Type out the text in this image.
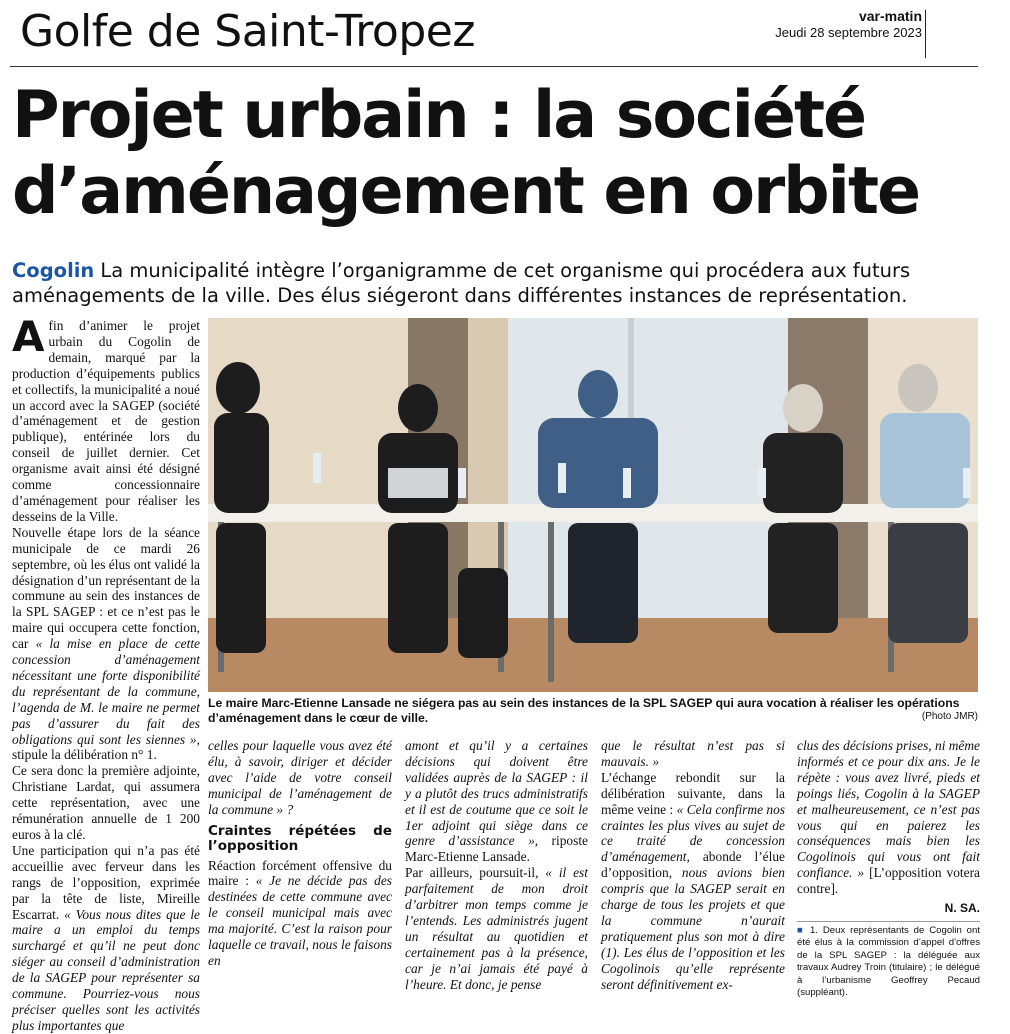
Golfe de Saint-Tropez	var-matin
Jeudi 28 septembre 2023
Projet urbain : la société d’aménagement en orbite
Cogolin La municipalité intègre l’organigramme de cet organisme qui procédera aux futurs aménagements de la ville. Des élus siégeront dans différentes instances de représentation.

Afin d’animer le projet urbain du Cogolin de demain, marqué par la production d’équipements publics et collectifs, la municipalité a noué un accord avec la SAGEP (société d’aménagement et de gestion publique), entérinée lors du conseil de juillet dernier. Cet organisme avait ainsi été désigné comme concessionnaire d’aménagement pour réaliser les desseins de la Ville.

Nouvelle étape lors de la séance municipale de ce mardi 26 septembre, où les élus ont validé la désignation d’un représentant de la commune au sein des instances de la SPL SAGEP : et ce n’est pas le maire qui occupera cette fonction, car « la mise en place de cette concession d’aménagement nécessitant une forte disponibilité du représentant de la commune, l’agenda de M. le maire ne permet pas d’assurer du fait des obligations qui sont les siennes », stipule la délibération n° 1.

Ce sera donc la première adjointe, Christiane Lardat, qui assumera cette représentation, avec une rémunération annuelle de 1 200 euros à la clé.

Une participation qui n’a pas été accueillie avec ferveur dans les rangs de l’opposition, exprimée par la tête de liste, Mireille Escarrat. « Vous nous dites que le maire a un emploi du temps surchargé et qu’il ne peut donc siéger au conseil d’administration de la SAGEP pour représenter sa commune. Pourriez-vous nous préciser quelles sont les activités plus importantes que

Le maire Marc-Etienne Lansade ne siégera pas au sein des instances de la SPL SAGEP qui aura vocation à réaliser les opérations d’aménagement dans le cœur de ville.	(Photo JMR)

celles pour laquelle vous avez été élu, à savoir, diriger et décider avec l’aide de votre conseil municipal de l’aménagement de la commune » ?

Craintes répétées de l’opposition

Réaction forcément offensive du maire : « Je ne décide pas des destinées de cette commune avec le conseil municipal mais avec ma majorité. C’est la raison pour laquelle ce travail, nous le faisons en

amont et qu’il y a certaines décisions qui doivent être validées auprès de la SAGEP : il y a plutôt des trucs administratifs et il est de coutume que ce soit le 1er adjoint qui siège dans ce genre d’assistance », riposte Marc-Etienne Lansade.

Par ailleurs, poursuit-il, « il est parfaitement de mon droit d’arbitrer mon temps comme je l’entends. Les administrés jugent un résultat au quotidien et certainement pas à la présence, car je n’ai jamais été payé à l’heure. Et donc, je pense

que le résultat n’est pas si mauvais. »

L’échange rebondit sur la délibération suivante, dans la même veine : « Cela confirme nos craintes les plus vives au sujet de ce traité de concession d’aménagement, abonde l’élue d’opposition, nous avions bien compris que la SAGEP serait en charge de tous les projets et que la commune n’aurait pratiquement plus son mot à dire (1). Les élus de l’opposition et les Cogolinois qu’elle représente seront définitivement ex-

clus des décisions prises, ni même informés et ce pour dix ans. Je le répète : vous avez livré, pieds et poings liés, Cogolin à la SAGEP et malheureusement, ce n’est pas vous qui en paierez les conséquences mais bien les Cogolinois qui vous ont fait confiance. » [L’opposition votera contre].

N. SA.
■ 1. Deux représentants de Cogolin ont été élus à la commission d’appel d’offres de la SPL SAGEP : la déléguée aux travaux Audrey Troin (titulaire) ; le délégué à l’urbanisme Geoffrey Pecaud (suppléant).
